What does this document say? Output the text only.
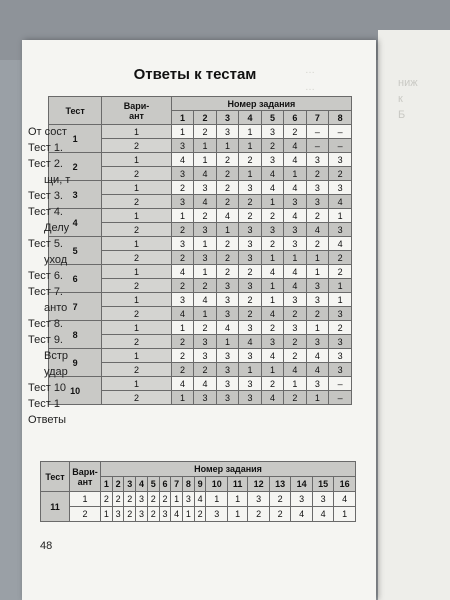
ниж
к
Б
Ответы к тестам	…
…

Тест	Вари-
ант	Номер задания							
		1	2	3	4	5	6	7	8
1	1	1	2	3	1	3	2	–	–
	2	3	1	1	1	2	4	–	–
2	1	4	1	2	2	3	4	3	3
	2	3	4	2	1	4	1	2	2
3	1	2	3	2	3	4	4	3	3
	2	3	4	2	2	1	3	3	4
4	1	1	2	4	2	2	4	2	1
	2	2	3	1	3	3	3	4	3
5	1	3	1	2	3	2	3	2	4
	2	2	3	2	3	1	1	1	2
6	1	4	1	2	2	4	4	1	2
	2	2	2	3	3	1	4	3	1
7	1	3	4	3	2	1	3	3	1
	2	4	1	3	2	4	2	2	3
8	1	1	2	4	3	2	3	1	2
	2	2	3	1	4	3	2	3	3
9	1	2	3	3	3	4	2	4	3
	2	2	2	3	1	1	4	4	3
10	1	4	4	3	3	2	1	3	–
	2	1	3	3	3	4	2	1	–
Тест	Вари-
ант	Номер задания															
		1	2	3	4	5	6	7	8	9	10	11	12	13	14	15	16
11	1	2	2	2	3	2	2	1	3	4	1	1	3	2	3	3	4
	2	1	3	2	3	2	3	4	1	2	3	1	2	2	4	4	1
48
От сост
Тест 1.
Тест 2.
щи, т
Тест 3.
Тест 4.
Делу
Тест 5.
уход
Тест 6.
Тест 7.
анто
Тест 8.
Тест 9.
Встр
удар
Тест 10
Тест 1
Ответы
